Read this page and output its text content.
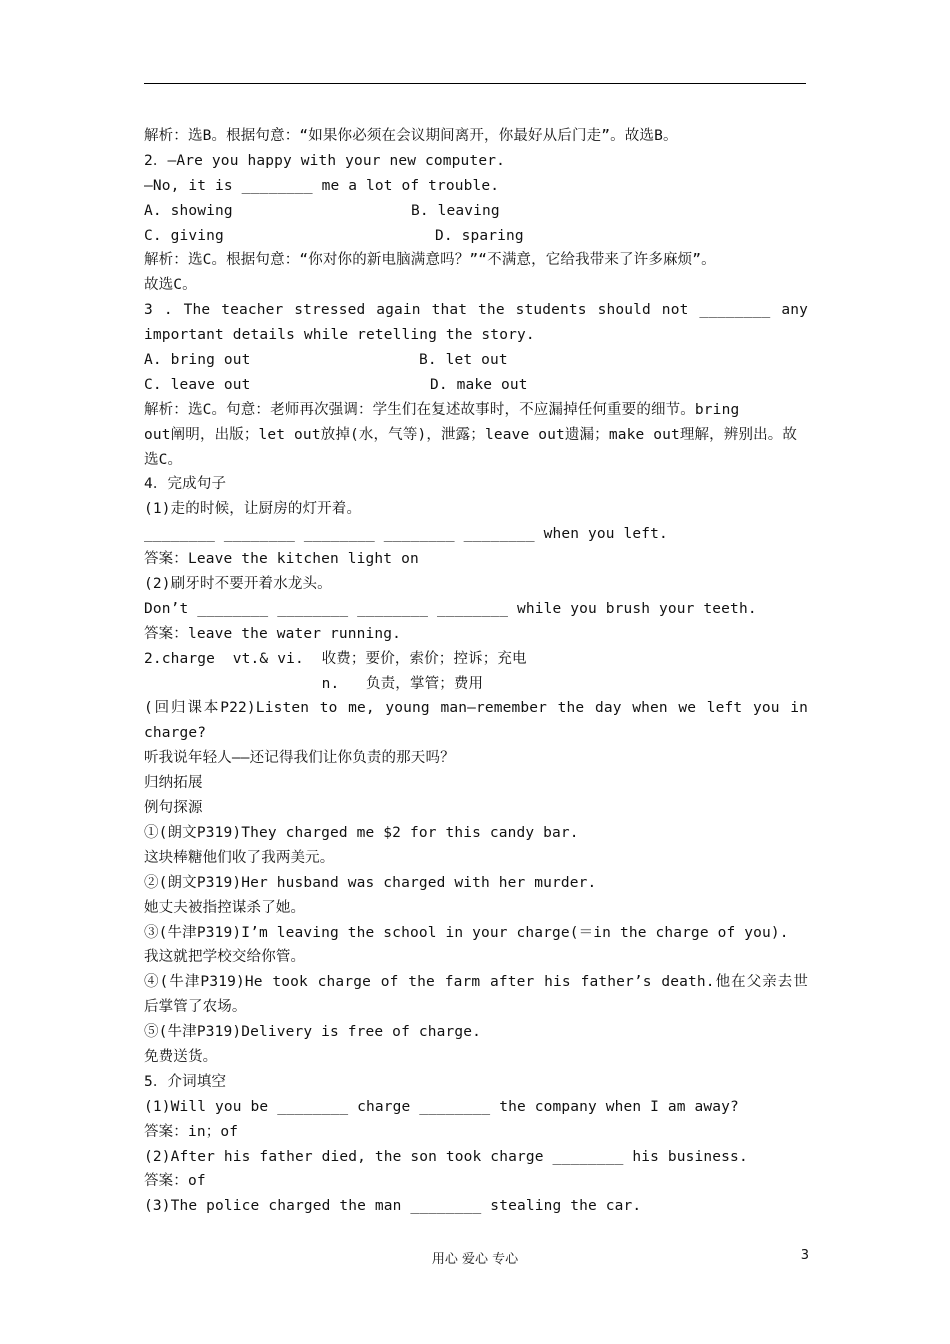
解析：选B。根据句意：“如果你必须在会议期间离开，你最好从后门走”。故选B。
2．—Are you happy with your new computer.
—No, it is ________ me a lot of trouble.
A. showing	B. leaving
C. giving	D. sparing
解析：选C。根据句意：“你对你的新电脑满意吗？”“不满意，它给我带来了许多麻烦”。
故选C。
3 . The teacher stressed again that the students should not ________ any
important details while retelling the story.
A. bring out	B. let out
C. leave out	D. make out
解析：选C。句意：老师再次强调：学生们在复述故事时，不应漏掉任何重要的细节。bring
out阐明，出版；let out放掉(水，气等)，泄露；leave out遗漏；make out理解，辨别出。故
选C。
4．完成句子
(1)走的时候，让厨房的灯开着。
________ ________ ________ ________ ________ when you left.
答案：Leave the kitchen light on
(2)刷牙时不要开着水龙头。
Don’t ________ ________ ________ ________ while you brush your teeth.
答案：leave the water running.
2.charge  vt.& vi.  收费；要价，索价；控诉；充电
n.   负责，掌管；费用
(回归课本P22)Listen to me, young man—remember the day when we left you in
charge?
听我说年轻人——还记得我们让你负责的那天吗？
归纳拓展
例句探源
①(朗文P319)They charged me $2 for this candy bar.
这块棒糖他们收了我两美元。
②(朗文P319)Her husband was charged with her murder.
她丈夫被指控谋杀了她。
③(牛津P319)I’m leaving the school in your charge(＝in the charge of you).
我这就把学校交给你管。
④(牛津P319)He took charge of the farm after his father’s death.他在父亲去世
后掌管了农场。
⑤(牛津P319)Delivery is free of charge.
免费送货。
5．介词填空
(1)Will you be ________ charge ________ the company when I am away?
答案：in；of
(2)After his father died, the son took charge ________ his business.
答案：of
(3)The police charged the man ________ stealing the car.
用心 爱心 专心	3
